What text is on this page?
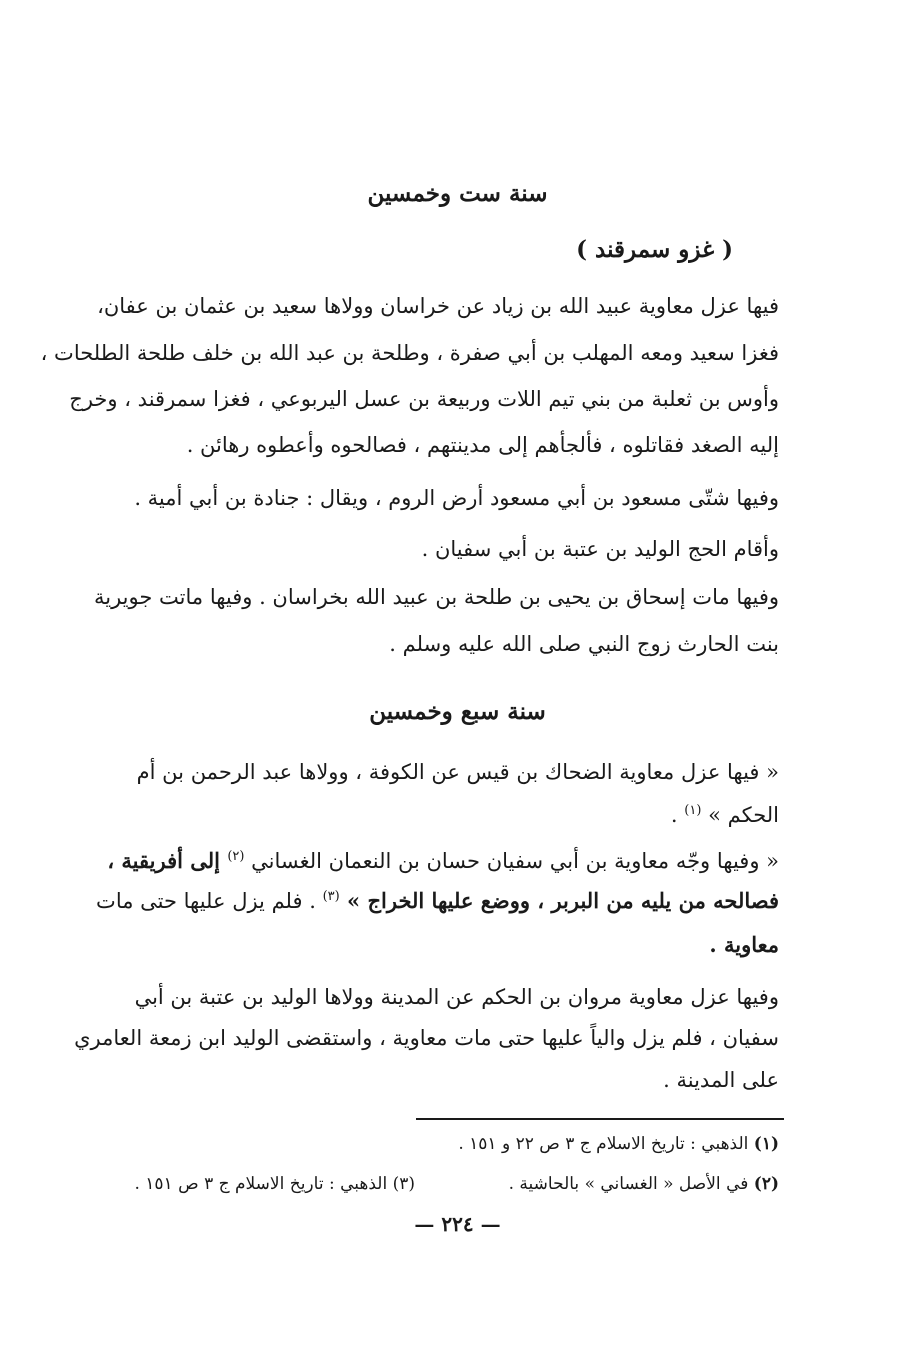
سنة ست وخمسين
( غزو سمرقند )
فيها عزل معاوية عبيد الله بن زياد عن خراسان وولاها سعيد بن عثمان بن عفان،
فغزا سعيد ومعه المهلب بن أبي صفرة ، وطلحة بن عبد الله بن خلف طلحة الطلحات ،
وأوس بن ثعلبة من بني تيم اللات وربيعة بن عسل اليربوعي ، فغزا سمرقند ، وخرج
إليه الصغد فقاتلوه ، فألجأهم إلى مدينتهم ، فصالحوه وأعطوه رهائن .
وفيها شتّى مسعود بن أبي مسعود أرض الروم ، ويقال : جنادة بن أبي أمية .
وأقام الحج الوليد بن عتبة بن أبي سفيان .
وفيها مات إسحاق بن يحيى بن طلحة بن عبيد الله بخراسان . وفيها ماتت جويرية
بنت الحارث زوج النبي صلى الله عليه وسلم .
سنة سبع وخمسين
« فيها عزل معاوية الضحاك بن قيس عن الكوفة ، وولاها عبد الرحمن بن أم
الحكم » $^{(١)}$ .
« وفيها وجّه معاوية بن أبي سفيان حسان بن النعمان الغساني $^{(٢)}$ إلى أفريقية ،
فصالحه من يليه من البربر ، ووضع عليها الخراج » $^{(٣)}$ . فلم يزل عليها حتى مات
معاوية .
وفيها عزل معاوية مروان بن الحكم عن المدينة وولاها الوليد بن عتبة بن أبي
سفيان ، فلم يزل والياً عليها حتى مات معاوية ، واستقضى الوليد ابن زمعة العامري
على المدينة .
(١) الذهبي : تاريخ الاسلام ج ٣ ص ٢٢ و ١٥١ .
(٢) في الأصل « الغساني » بالحاشية .
(٣) الذهبي : تاريخ الاسلام ج ٣ ص ١٥١ .
— ٢٢٤ —
